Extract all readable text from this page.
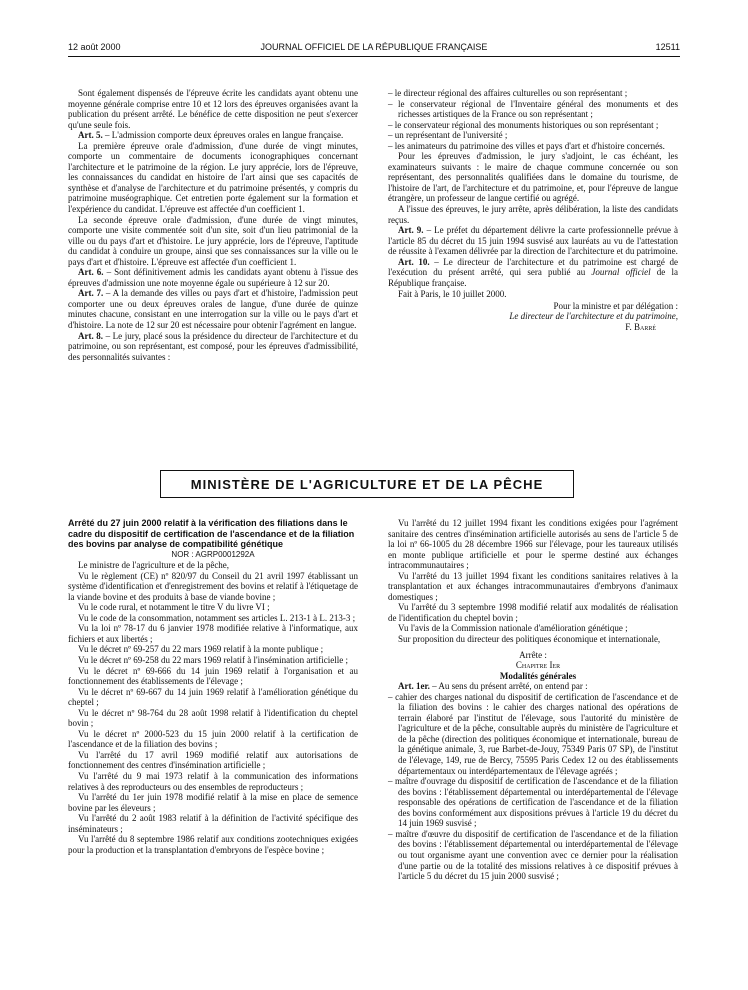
12 août 2000	JOURNAL OFFICIEL DE LA RÉPUBLIQUE FRANÇAISE	12511

Sont également dispensés de l'épreuve écrite les candidats ayant obtenu une moyenne générale comprise entre 10 et 12 lors des épreuves organisées avant la publication du présent arrêté. Le bénéfice de cette disposition ne peut s'exercer qu'une seule fois.

Art. 5. – L'admission comporte deux épreuves orales en langue française.

La première épreuve orale d'admission, d'une durée de vingt minutes, comporte un commentaire de documents iconographiques concernant l'architecture et le patrimoine de la région. Le jury apprécie, lors de l'épreuve, les connaissances du candidat en histoire de l'art ainsi que ses capacités de synthèse et d'analyse de l'architecture et du patrimoine présentés, y compris du patrimoine muséographique. Cet entretien porte également sur la formation et l'expérience du candidat. L'épreuve est affectée d'un coefficient 1.

La seconde épreuve orale d'admission, d'une durée de vingt minutes, comporte une visite commentée soit d'un site, soit d'un lieu patrimonial de la ville ou du pays d'art et d'histoire. Le jury apprécie, lors de l'épreuve, l'aptitude du candidat à conduire un groupe, ainsi que ses connaissances sur la ville ou le pays d'art et d'histoire. L'épreuve est affectée d'un coefficient 1.

Art. 6. – Sont définitivement admis les candidats ayant obtenu à l'issue des épreuves d'admission une note moyenne égale ou supérieure à 12 sur 20.

Art. 7. – A la demande des villes ou pays d'art et d'histoire, l'admission peut comporter une ou deux épreuves orales de langue, d'une durée de quinze minutes chacune, consistant en une interrogation sur la ville ou le pays d'art et d'histoire. La note de 12 sur 20 est nécessaire pour obtenir l'agrément en langue.

Art. 8. – Le jury, placé sous la présidence du directeur de l'architecture et du patrimoine, ou son représentant, est composé, pour les épreuves d'admissibilité, des personnalités suivantes :

– le directeur régional des affaires culturelles ou son représentant ;

– le conservateur régional de l'Inventaire général des monuments et des richesses artistiques de la France ou son représentant ;

– le conservateur régional des monuments historiques ou son représentant ;

– un représentant de l'université ;

– les animateurs du patrimoine des villes et pays d'art et d'histoire concernés.

Pour les épreuves d'admission, le jury s'adjoint, le cas échéant, les examinateurs suivants : le maire de chaque commune concernée ou son représentant, des personnalités qualifiées dans le domaine du tourisme, de l'histoire de l'art, de l'architecture et du patrimoine, et, pour l'épreuve de langue étrangère, un professeur de langue certifié ou agrégé.

A l'issue des épreuves, le jury arrête, après délibération, la liste des candidats reçus.

Art. 9. – Le préfet du département délivre la carte professionnelle prévue à l'article 85 du décret du 15 juin 1994 susvisé aux lauréats au vu de l'attestation de réussite à l'examen délivrée par la direction de l'architecture et du patrimoine.

Art. 10. – Le directeur de l'architecture et du patrimoine est chargé de l'exécution du présent arrêté, qui sera publié au Journal officiel de la République française.

Fait à Paris, le 10 juillet 2000.

Pour la ministre et par délégation :

Le directeur de l'architecture et du patrimoine,

F. Barré

MINISTÈRE DE L'AGRICULTURE ET DE LA PÊCHE

Arrêté du 27 juin 2000 relatif à la vérification des filiations dans le cadre du dispositif de certification de l'ascendance et de la filiation des bovins par analyse de compatibilité génétique

NOR : AGRP0001292A

Le ministre de l'agriculture et de la pêche,

Vu le règlement (CE) nº 820/97 du Conseil du 21 avril 1997 établissant un système d'identification et d'enregistrement des bovins et relatif à l'étiquetage de la viande bovine et des produits à base de viande bovine ;

Vu le code rural, et notamment le titre V du livre VI ;

Vu le code de la consommation, notamment ses articles L. 213-1 à L. 213-3 ;

Vu la loi nº 78-17 du 6 janvier 1978 modifiée relative à l'informatique, aux fichiers et aux libertés ;

Vu le décret nº 69-257 du 22 mars 1969 relatif à la monte publique ;

Vu le décret nº 69-258 du 22 mars 1969 relatif à l'insémination artificielle ;

Vu le décret nº 69-666 du 14 juin 1969 relatif à l'organisation et au fonctionnement des établissements de l'élevage ;

Vu le décret nº 69-667 du 14 juin 1969 relatif à l'amélioration génétique du cheptel ;

Vu le décret nº 98-764 du 28 août 1998 relatif à l'identification du cheptel bovin ;

Vu le décret nº 2000-523 du 15 juin 2000 relatif à la certification de l'ascendance et de la filiation des bovins ;

Vu l'arrêté du 17 avril 1969 modifié relatif aux autorisations de fonctionnement des centres d'insémination artificielle ;

Vu l'arrêté du 9 mai 1973 relatif à la communication des informations relatives à des reproducteurs ou des ensembles de reproducteurs ;

Vu l'arrêté du 1er juin 1978 modifié relatif à la mise en place de semence bovine par les éleveurs ;

Vu l'arrêté du 2 août 1983 relatif à la définition de l'activité spécifique des inséminateurs ;

Vu l'arrêté du 8 septembre 1986 relatif aux conditions zootechniques exigées pour la production et la transplantation d'embryons de l'espèce bovine ;

Vu l'arrêté du 12 juillet 1994 fixant les conditions exigées pour l'agrément sanitaire des centres d'insémination artificielle autorisés au sens de l'article 5 de la loi nº 66-1005 du 28 décembre 1966 sur l'élevage, pour les taureaux utilisés en monte publique artificielle et pour le sperme destiné aux échanges intracommunautaires ;

Vu l'arrêté du 13 juillet 1994 fixant les conditions sanitaires relatives à la transplantation et aux échanges intracommunautaires d'embryons d'animaux domestiques ;

Vu l'arrêté du 3 septembre 1998 modifié relatif aux modalités de réalisation de l'identification du cheptel bovin ;

Vu l'avis de la Commission nationale d'amélioration génétique ;

Sur proposition du directeur des politiques économique et internationale,

Arrête :

Chapitre Ier

Modalités générales

Art. 1er. – Au sens du présent arrêté, on entend par :

– cahier des charges national du dispositif de certification de l'ascendance et de la filiation des bovins : le cahier des charges national des opérations de terrain élaboré par l'institut de l'élevage, sous l'autorité du ministère de l'agriculture et de la pêche, consultable auprès du ministère de l'agriculture et de la pêche (direction des politiques économique et internationale, bureau de la génétique animale, 3, rue Barbet-de-Jouy, 75349 Paris 07 SP), de l'institut de l'élevage, 149, rue de Bercy, 75595 Paris Cedex 12 ou des établissements départementaux ou interdépartementaux de l'élevage agréés ;

– maître d'ouvrage du dispositif de certification de l'ascendance et de la filiation des bovins : l'établissement départemental ou interdépartemental de l'élevage responsable des opérations de certification de l'ascendance et de la filiation des bovins conformément aux dispositions prévues à l'article 19 du décret du 14 juin 1969 susvisé ;

– maître d'œuvre du dispositif de certification de l'ascendance et de la filiation des bovins : l'établissement départemental ou interdépartemental de l'élevage ou tout organisme ayant une convention avec ce dernier pour la réalisation d'une partie ou de la totalité des missions relatives à ce dispositif prévues à l'article 5 du décret du 15 juin 2000 susvisé ;
